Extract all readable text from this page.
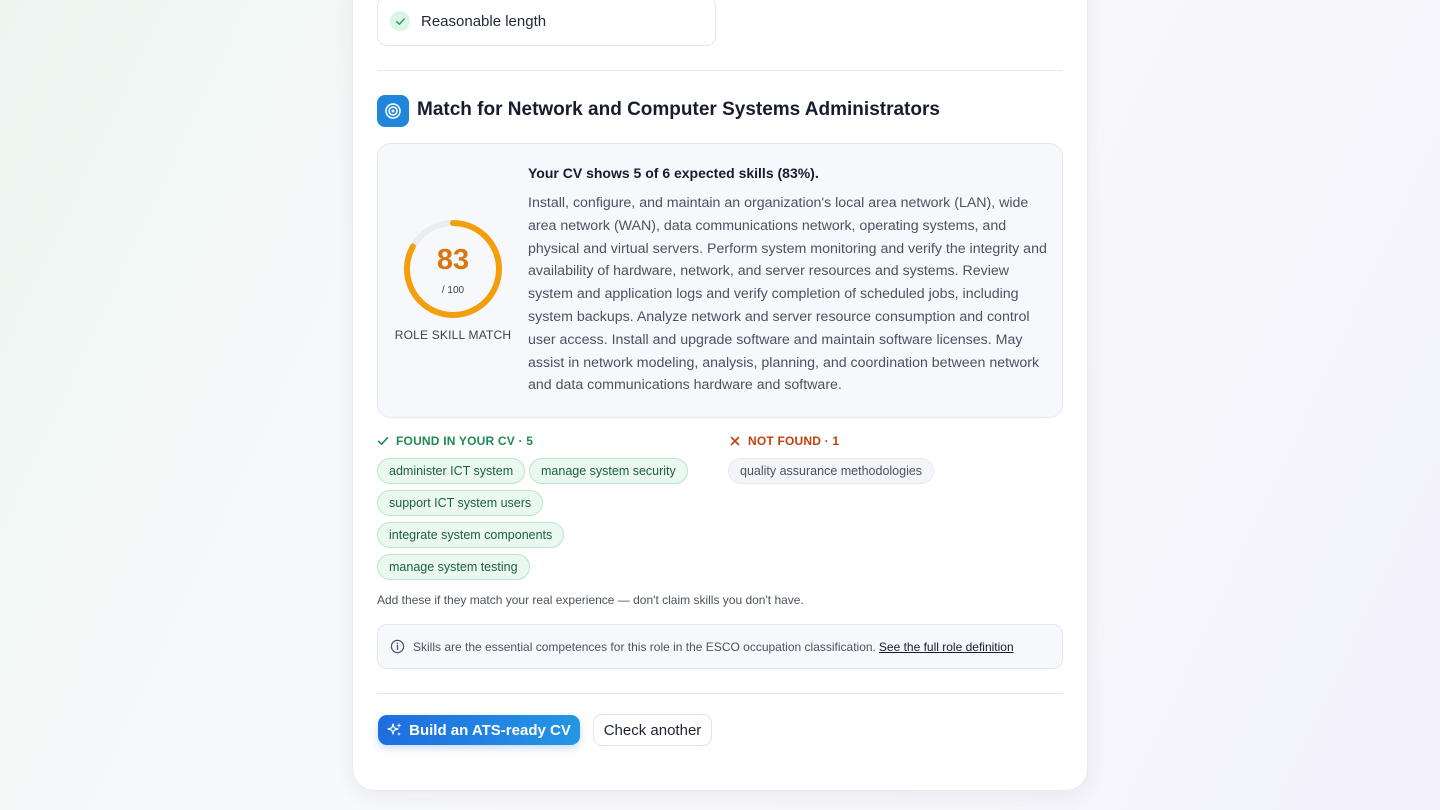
Reasonable length
Match for Network and Computer Systems Administrators
83
/ 100
ROLE SKILL MATCH
Your CV shows 5 of 6 expected skills (83%).
Install, configure, and maintain an organization's local area network (LAN), wide area network (WAN), data communications network, operating systems, and physical and virtual servers. Perform system monitoring and verify the integrity and availability of hardware, network, and server resources and systems. Review system and application logs and verify completion of scheduled jobs, including system backups. Analyze network and server resource consumption and control user access. Install and upgrade software and maintain software licenses. May assist in network modeling, analysis, planning, and coordination between network and data communications hardware and software.
FOUND IN YOUR CV · 5	NOT FOUND · 1
administer ICT system	manage system security
support ICT system users
integrate system components
manage system testing
quality assurance methodologies
Add these if they match your real experience — don't claim skills you don't have.
Skills are the essential competences for this role in the ESCO occupation classification. See the full role definition
Build an ATS-ready CV	Check another
